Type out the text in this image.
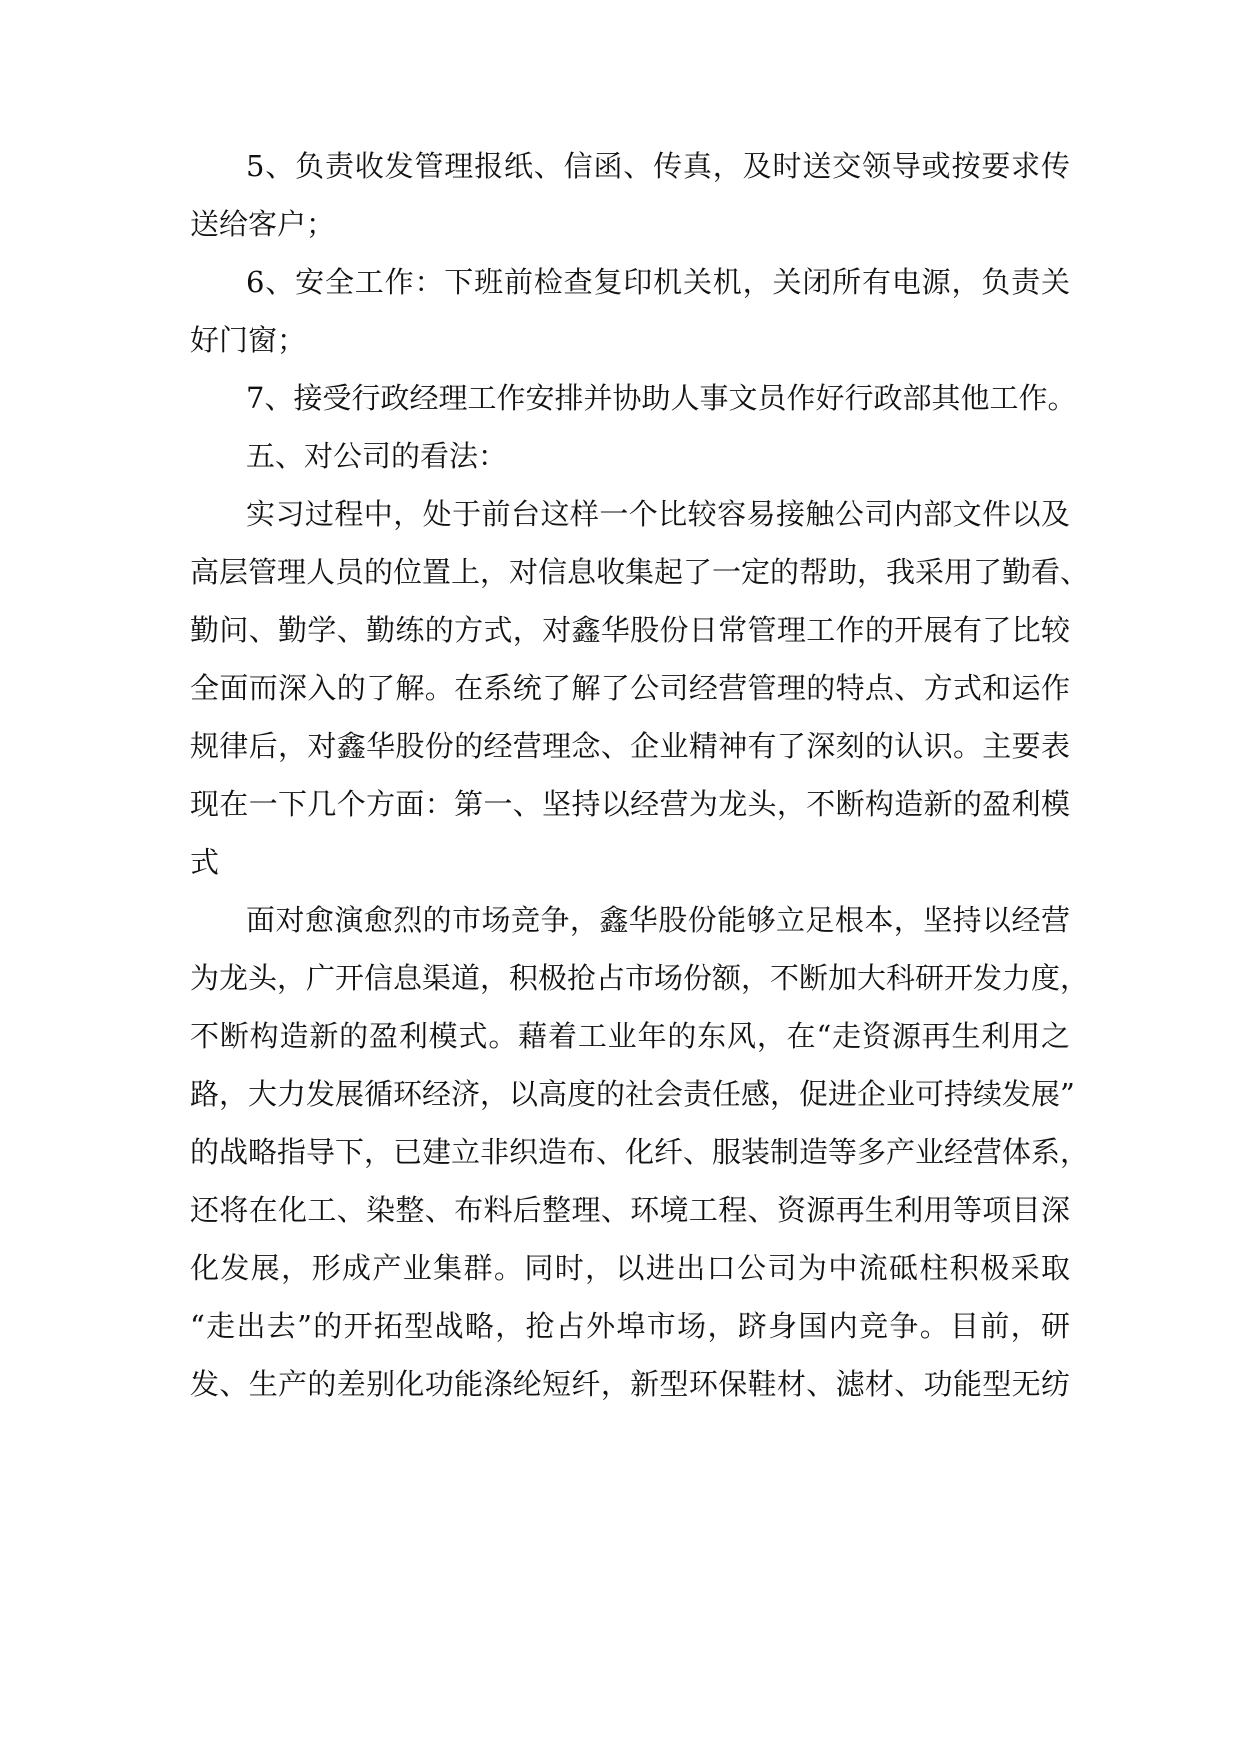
5、负责收发管理报纸、信函、传真，及时送交领导或按要求传
送给客户；
6、安全工作：下班前检查复印机关机，关闭所有电源，负责关
好门窗；
7、接受行政经理工作安排并协助人事文员作好行政部其他工作。
五、对公司的看法：
实习过程中，处于前台这样一个比较容易接触公司内部文件以及
高层管理人员的位置上，对信息收集起了一定的帮助，我采用了勤看、
勤问、勤学、勤练的方式，对鑫华股份日常管理工作的开展有了比较
全面而深入的了解。在系统了解了公司经营管理的特点、方式和运作
规律后，对鑫华股份的经营理念、企业精神有了深刻的认识。主要表
现在一下几个方面：第一、坚持以经营为龙头，不断构造新的盈利模
式
面对愈演愈烈的市场竞争，鑫华股份能够立足根本，坚持以经营
为龙头，广开信息渠道，积极抢占市场份额，不断加大科研开发力度，
不断构造新的盈利模式。藉着工业年的东风，在“走资源再生利用之
路，大力发展循环经济，以高度的社会责任感，促进企业可持续发展”
的战略指导下，已建立非织造布、化纤、服装制造等多产业经营体系，
还将在化工、染整、布料后整理、环境工程、资源再生利用等项目深
化发展，形成产业集群。同时，以进出口公司为中流砥柱积极采取
“走出去”的开拓型战略，抢占外埠市场，跻身国内竞争。目前，研
发、生产的差别化功能涤纶短纤，新型环保鞋材、滤材、功能型无纺
